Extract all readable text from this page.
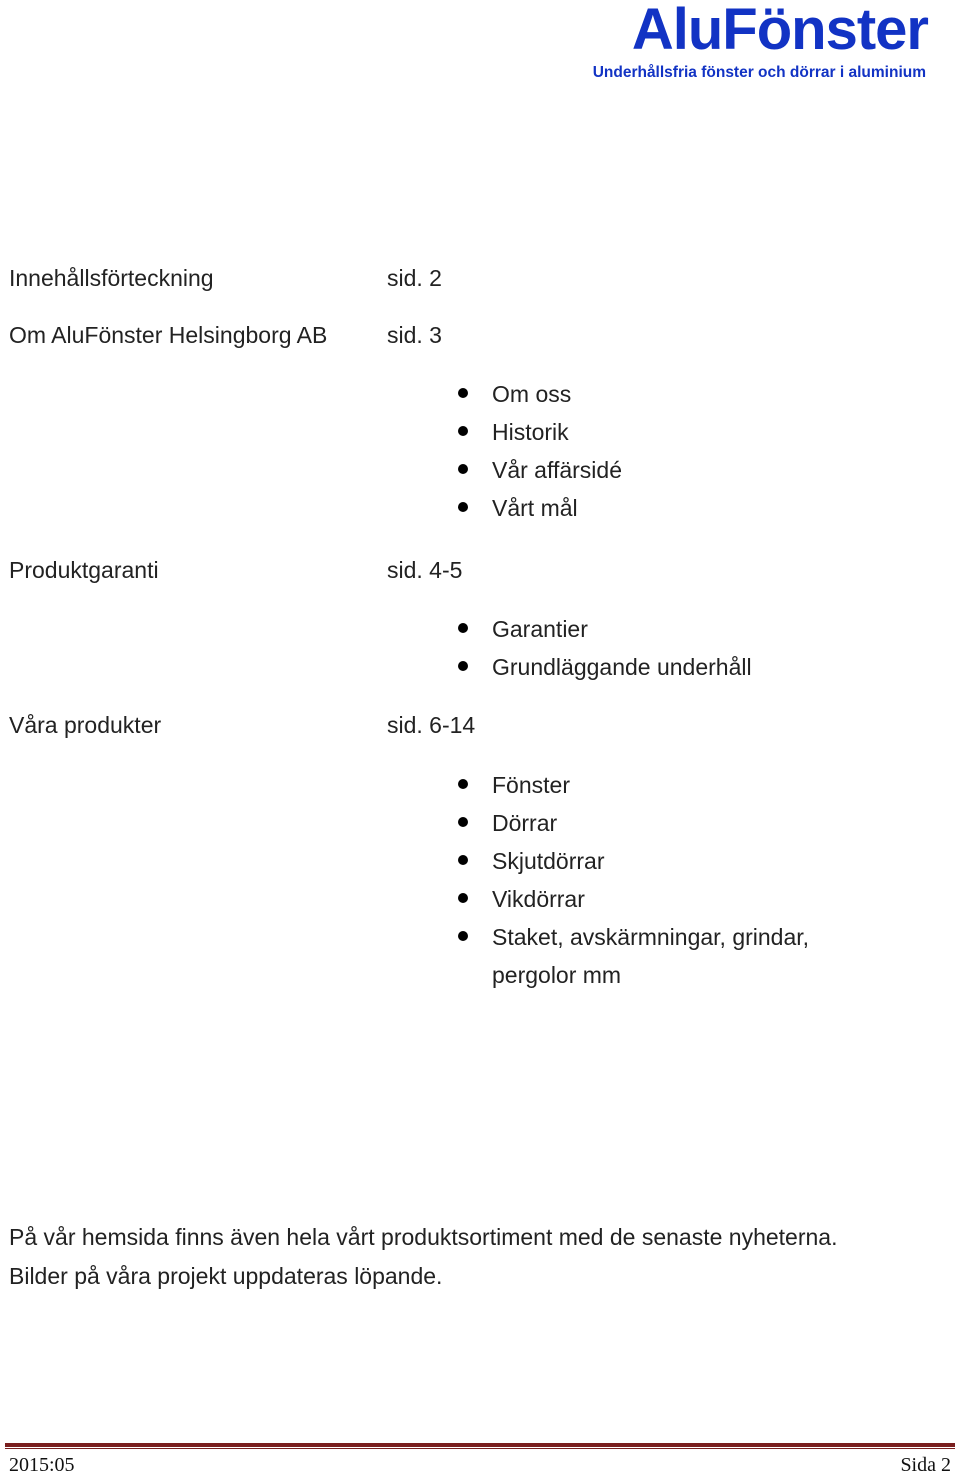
AluFönster
Underhållsfria fönster och dörrar i aluminium
Innehållsförteckning	sid. 2
Om AluFönster Helsingborg AB	sid. 3
Om oss
Historik
Vår affärsidé
Vårt mål
Produktgaranti	sid. 4-5
Garantier
Grundläggande underhåll
Våra produkter	sid. 6-14
Fönster
Dörrar
Skjutdörrar
Vikdörrar
Staket, avskärmningar, grindar, pergolor mm

På vår hemsida finns även hela vårt produktsortiment med de senaste nyheterna.

Bilder på våra projekt uppdateras löpande.

2015:05	Sida 2
